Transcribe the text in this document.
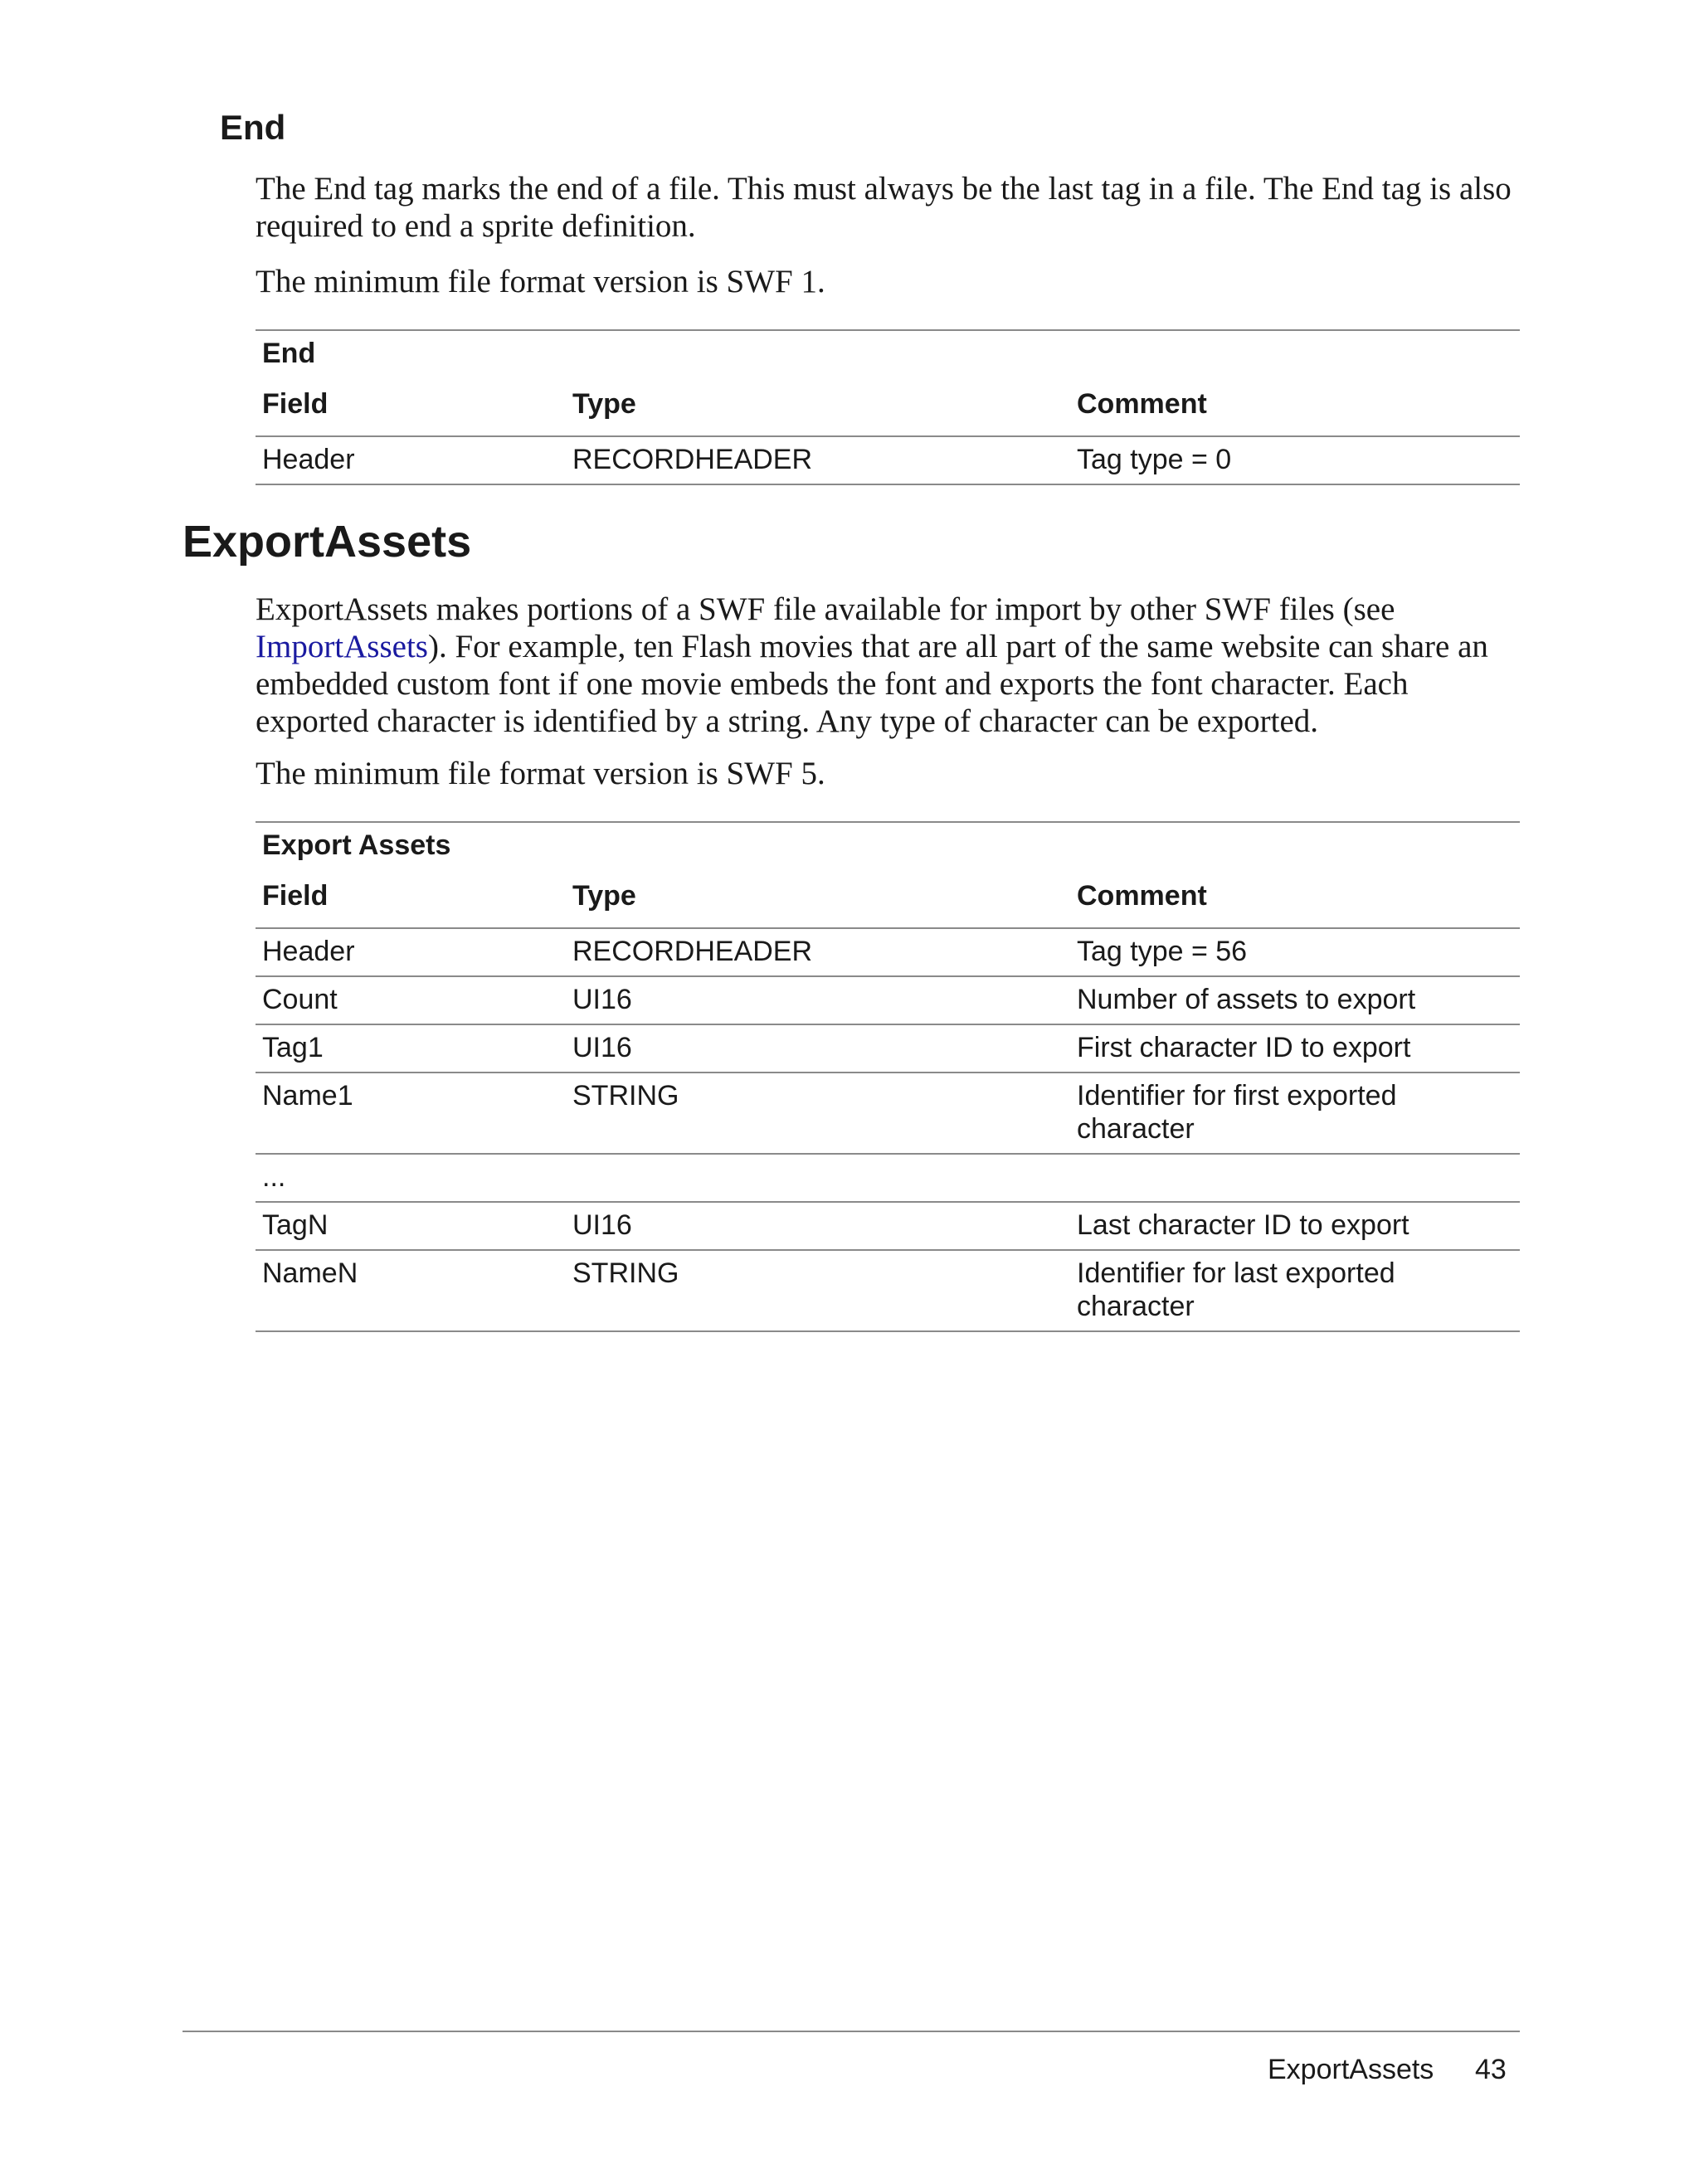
End

The End tag marks the end of a file. This must always be the last tag in a file. The End tag is also required to end a sprite definition.

The minimum file format version is SWF 1.

End		
Field	Type	Comment
Header	RECORDHEADER	Tag type = 0
ExportAssets

ExportAssets makes portions of a SWF file available for import by other SWF files (see ImportAssets). For example, ten Flash movies that are all part of the same website can share an embedded custom font if one movie embeds the font and exports the font character. Each exported character is identified by a string. Any type of character can be exported.

The minimum file format version is SWF 5.

Export Assets		
Field	Type	Comment
Header	RECORDHEADER	Tag type = 56
Count	UI16	Number of assets to export
Tag1	UI16	First character ID to export
Name1	STRING	Identifier for first exported character
...		
TagN	UI16	Last character ID to export
NameN	STRING	Identifier for last exported character
ExportAssets 43
